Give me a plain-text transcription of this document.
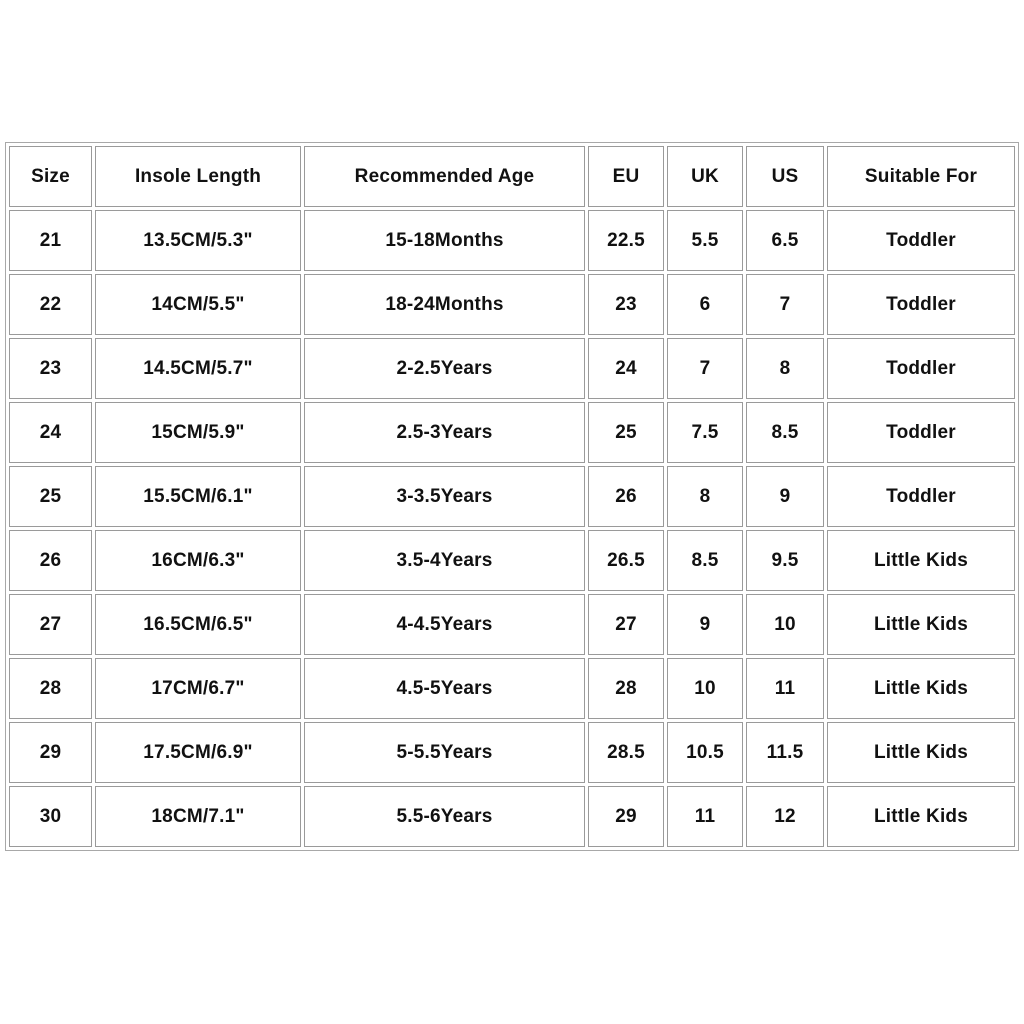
Size	Insole Length	Recommended Age	EU	UK	US	Suitable For
21	13.5CM/5.3"	15-18Months	22.5	5.5	6.5	Toddler
22	14CM/5.5"	18-24Months	23	6	7	Toddler
23	14.5CM/5.7"	2-2.5Years	24	7	8	Toddler
24	15CM/5.9"	2.5-3Years	25	7.5	8.5	Toddler
25	15.5CM/6.1"	3-3.5Years	26	8	9	Toddler
26	16CM/6.3"	3.5-4Years	26.5	8.5	9.5	Little Kids
27	16.5CM/6.5"	4-4.5Years	27	9	10	Little Kids
28	17CM/6.7"	4.5-5Years	28	10	11	Little Kids
29	17.5CM/6.9"	5-5.5Years	28.5	10.5	11.5	Little Kids
30	18CM/7.1"	5.5-6Years	29	11	12	Little Kids
